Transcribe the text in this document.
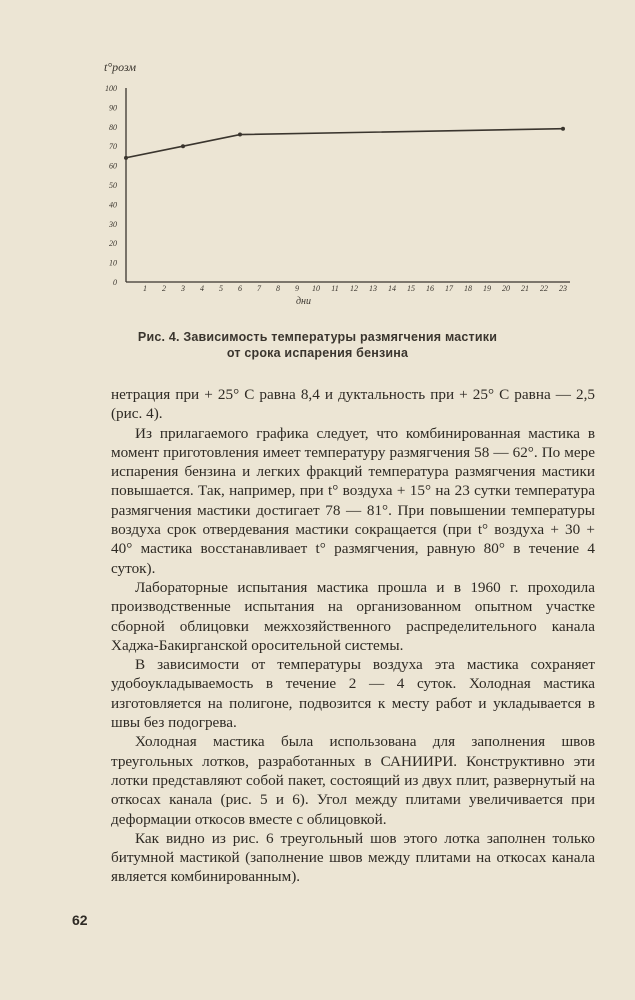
0
10
20
30
40
50
60
70
80
90
100
1 2 3 4 5 6 7 8 9 10 11 12 13 14 15 16 17 18 19 20 21 22 23
t°розм
дни
Рис. 4. Зависимость температуры размягчения мастики
от срока испарения бензина

нетрация при + 25° С равна 8,4 и дуктальность при + 25° С равна — 2,5 (рис. 4).

Из прилагаемого графика следует, что комбинированная мастика в момент приготовления имеет температуру размягчения 58 — 62°. По мере испарения бензина и легких фракций температура размягчения мастики повышается. Так, например, при t° воздуха + 15° на 23 сутки температура размягчения мастики достигает 78 — 81°. При повышении температуры воздуха срок отвердевания мастики сокращается (при t° воздуха + 30 + 40° мастика восстанавливает t° размягчения, равную 80° в течение 4 суток).

Лабораторные испытания мастика прошла и в 1960 г. проходила производственные испытания на организованном опытном участке сборной облицовки межхозяйственного распределительного канала Хаджа-Бакирганской оросительной системы.

В зависимости от температуры воздуха эта мастика сохраняет удобоукладываемость в течение 2 — 4 суток. Холодная мастика изготовляется на полигоне, подвозится к месту работ и укладывается в швы без подогрева.

Холодная мастика была использована для заполнения швов треугольных лотков, разработанных в САНИИРИ. Конструктивно эти лотки представляют собой пакет, состоящий из двух плит, развернутый на откосах канала (рис. 5 и 6). Угол между плитами увеличивается при деформации откосов вместе с облицовкой.

Как видно из рис. 6 треугольный шов этого лотка заполнен только битумной мастикой (заполнение швов между плитами на откосах канала является комбинированным).

62
